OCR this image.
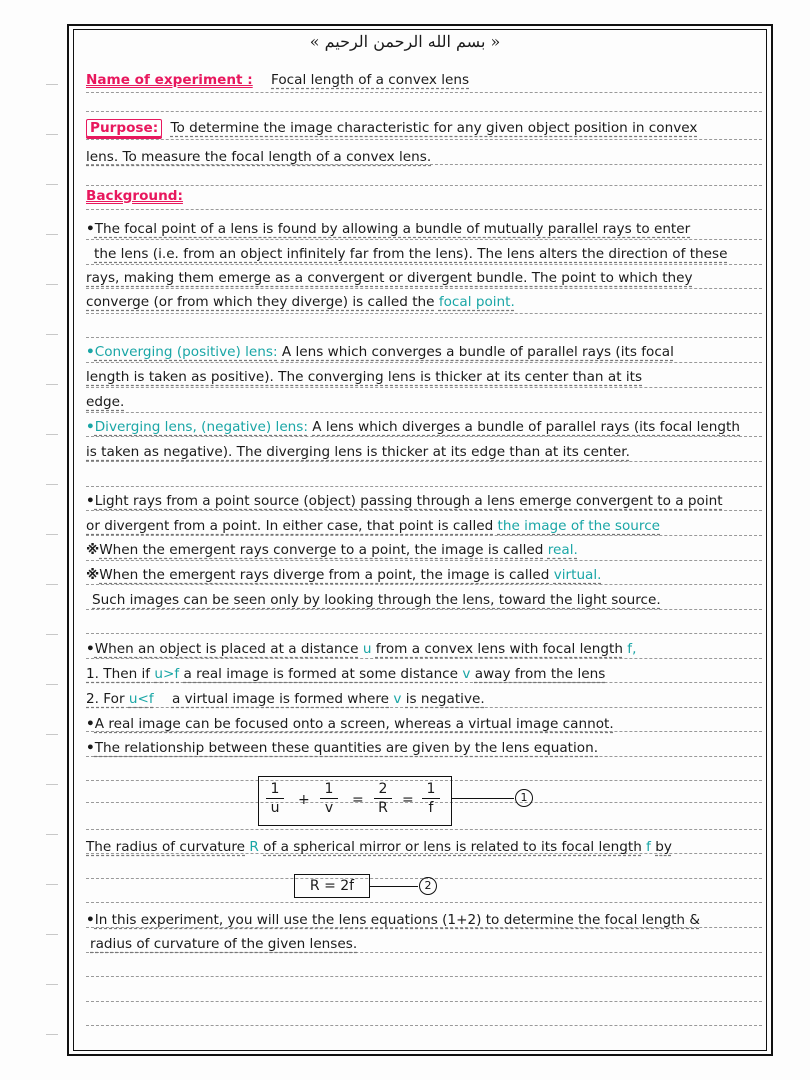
« بسم الله الرحمن الرحيم »
Name of experiment : Focal length of a convex lens
Purpose: To determine the image characteristic for any given object position in convex
lens. To measure the focal length of a convex lens.
Background:
•The focal point of a lens is found by allowing a bundle of mutually parallel rays to enter
the lens (i.e. from an object infinitely far from the lens). The lens alters the direction of these
rays, making them emerge as a convergent or divergent bundle. The point to which they
converge (or from which they diverge) is called the focal point.
•Converging (positive) lens: A lens which converges a bundle of parallel rays (its focal
length is taken as positive). The converging lens is thicker at its center than at its
edge.
•Diverging lens, (negative) lens: A lens which diverges a bundle of parallel rays (its focal length
is taken as negative). The diverging lens is thicker at its edge than at its center.
•Light rays from a point source (object) passing through a lens emerge convergent to a point
or divergent from a point. In either case, that point is called the image of the source
※When the emergent rays converge to a point, the image is called real.
※When the emergent rays diverge from a point, the image is called virtual.
Such images can be seen only by looking through the lens, toward the light source.
•When an object is placed at a distance u from a convex lens with focal length f,
1. Then if u>f a real image is formed at some distance v away from the lens
2. For u<f a virtual image is formed where v is negative.
•A real image can be focused onto a screen, whereas a virtual image cannot.
•The relationship between these quantities are given by the lens equation.
1
u	+
1
v	=
2
R	=
1
f
1
The radius of curvature R of a spherical mirror or lens is related to its focal length f by
R = 2f	2
•In this experiment, you will use the lens equations (1+2) to determine the focal length &
radius of curvature of the given lenses.
